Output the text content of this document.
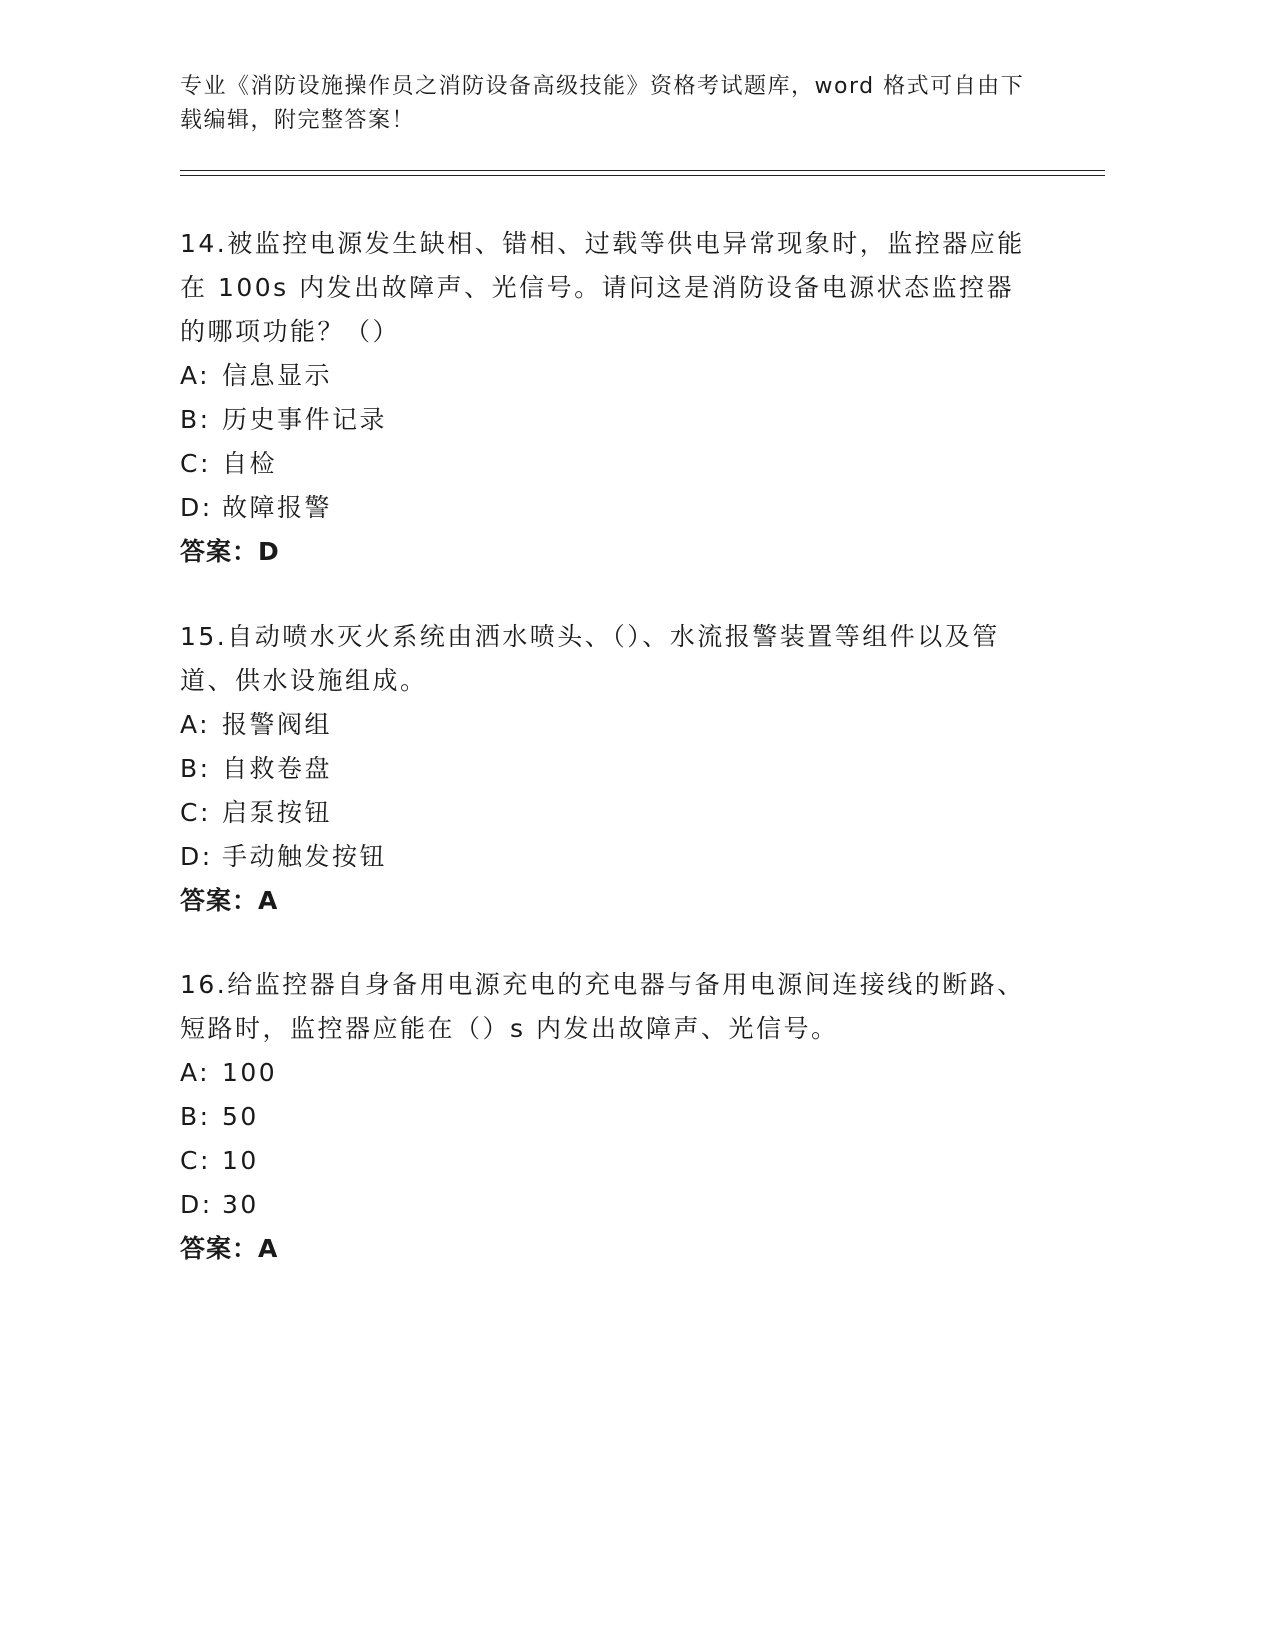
专业《消防设施操作员之消防设备高级技能》资格考试题库，word 格式可自由下载编辑，附完整答案！
14.被监控电源发生缺相、错相、过载等供电异常现象时，监控器应能在 100s 内发出故障声、光信号。请问这是消防设备电源状态监控器的哪项功能？（）
A: 信息显示
B: 历史事件记录
C: 自检
D: 故障报警
答案：D
15.自动喷水灭火系统由洒水喷头、（）、水流报警装置等组件以及管道、供水设施组成。
A: 报警阀组
B: 自救卷盘
C: 启泵按钮
D: 手动触发按钮
答案：A
16.给监控器自身备用电源充电的充电器与备用电源间连接线的断路、短路时，监控器应能在（）s 内发出故障声、光信号。
A: 100
B: 50
C: 10
D: 30
答案：A
